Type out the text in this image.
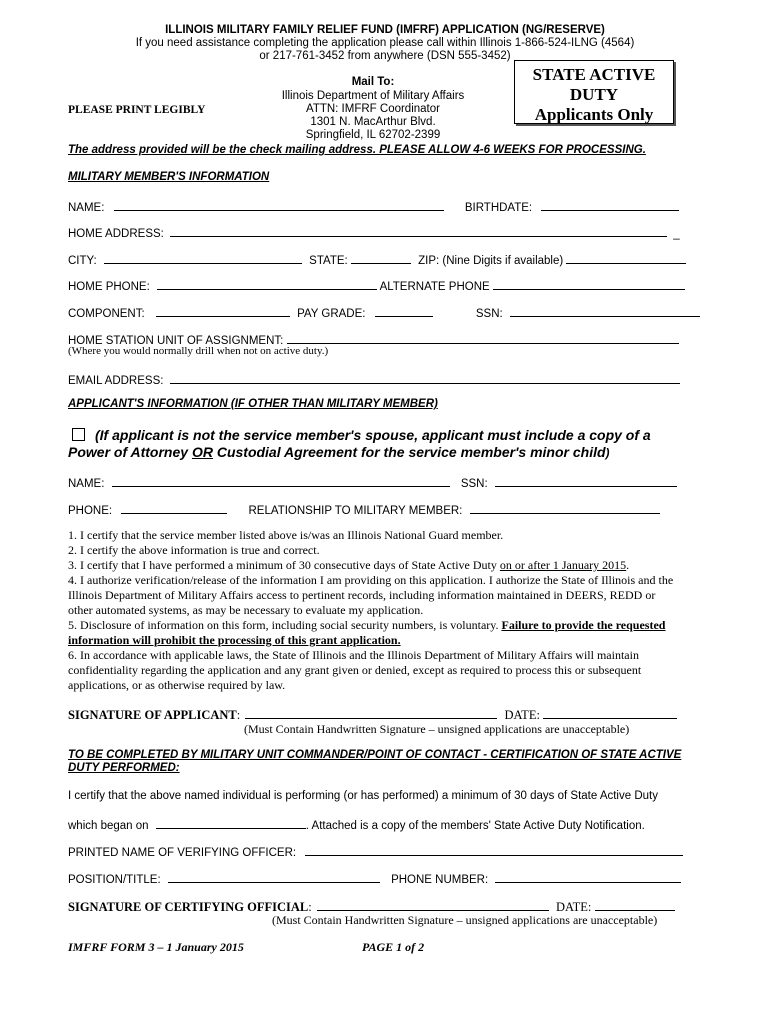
ILLINOIS MILITARY FAMILY RELIEF FUND (IMFRF) APPLICATION (NG/RESERVE)
If you need assistance completing the application please call within Illinois 1-866-524-ILNG (4564)
or 217-761-3452 from anywhere (DSN 555-3452)
Mail To:
Illinois Department of Military Affairs
ATTN: IMFRF Coordinator
1301 N. MacArthur Blvd.
Springfield, IL 62702-2399
PLEASE PRINT LEGIBLY
STATE ACTIVE
DUTY
Applicants Only
The address provided will be the check mailing address. PLEASE ALLOW 4-6 WEEKS FOR PROCESSING.
MILITARY MEMBER'S INFORMATION
NAME:	BIRTHDATE:
HOME ADDRESS:	_
CITY:	STATE:	ZIP: (Nine Digits if available)
HOME PHONE:	ALTERNATE PHONE
COMPONENT:	PAY GRADE:	SSN:
HOME STATION UNIT OF ASSIGNMENT:
(Where you would normally drill when not on active duty.)
EMAIL ADDRESS:
APPLICANT'S INFORMATION (IF OTHER THAN MILITARY MEMBER)
(If applicant is not the service member's spouse, applicant must include a copy of a
Power of Attorney OR Custodial Agreement for the service member's minor child)
NAME:	SSN:
PHONE:	RELATIONSHIP TO MILITARY MEMBER:

1. I certify that the service member listed above is/was an Illinois National Guard member.

2. I certify the above information is true and correct.

3. I certify that I have performed a minimum of 30 consecutive days of State Active Duty on or after 1 January 2015.

4. I authorize verification/release of the information I am providing on this application. I authorize the State of Illinois and the Illinois Department of Military Affairs access to pertinent records, including information maintained in DEERS, REDD or other automated systems, as may be necessary to evaluate my application.

5. Disclosure of information on this form, including social security numbers, is voluntary. Failure to provide the requested information will prohibit the processing of this grant application.

6. In accordance with applicable laws, the State of Illinois and the Illinois Department of Military Affairs will maintain confidentiality regarding the application and any grant given or denied, except as required to process this or subsequent applications, or as otherwise required by law.

SIGNATURE OF APPLICANT:	DATE:
(Must Contain Handwritten Signature – unsigned applications are unacceptable)
TO BE COMPLETED BY MILITARY UNIT COMMANDER/POINT OF CONTACT - CERTIFICATION OF STATE ACTIVE
DUTY PERFORMED:
I certify that the above named individual is performing (or has performed) a minimum of 30 days of State Active Duty
which began on	. Attached is a copy of the members' State Active Duty Notification.
PRINTED NAME OF VERIFYING OFFICER:
POSITION/TITLE:	PHONE NUMBER:
SIGNATURE OF CERTIFYING OFFICIAL:	DATE:
(Must Contain Handwritten Signature – unsigned applications are unacceptable)
IMFRF FORM 3 – 1 January 2015	PAGE 1 of 2
